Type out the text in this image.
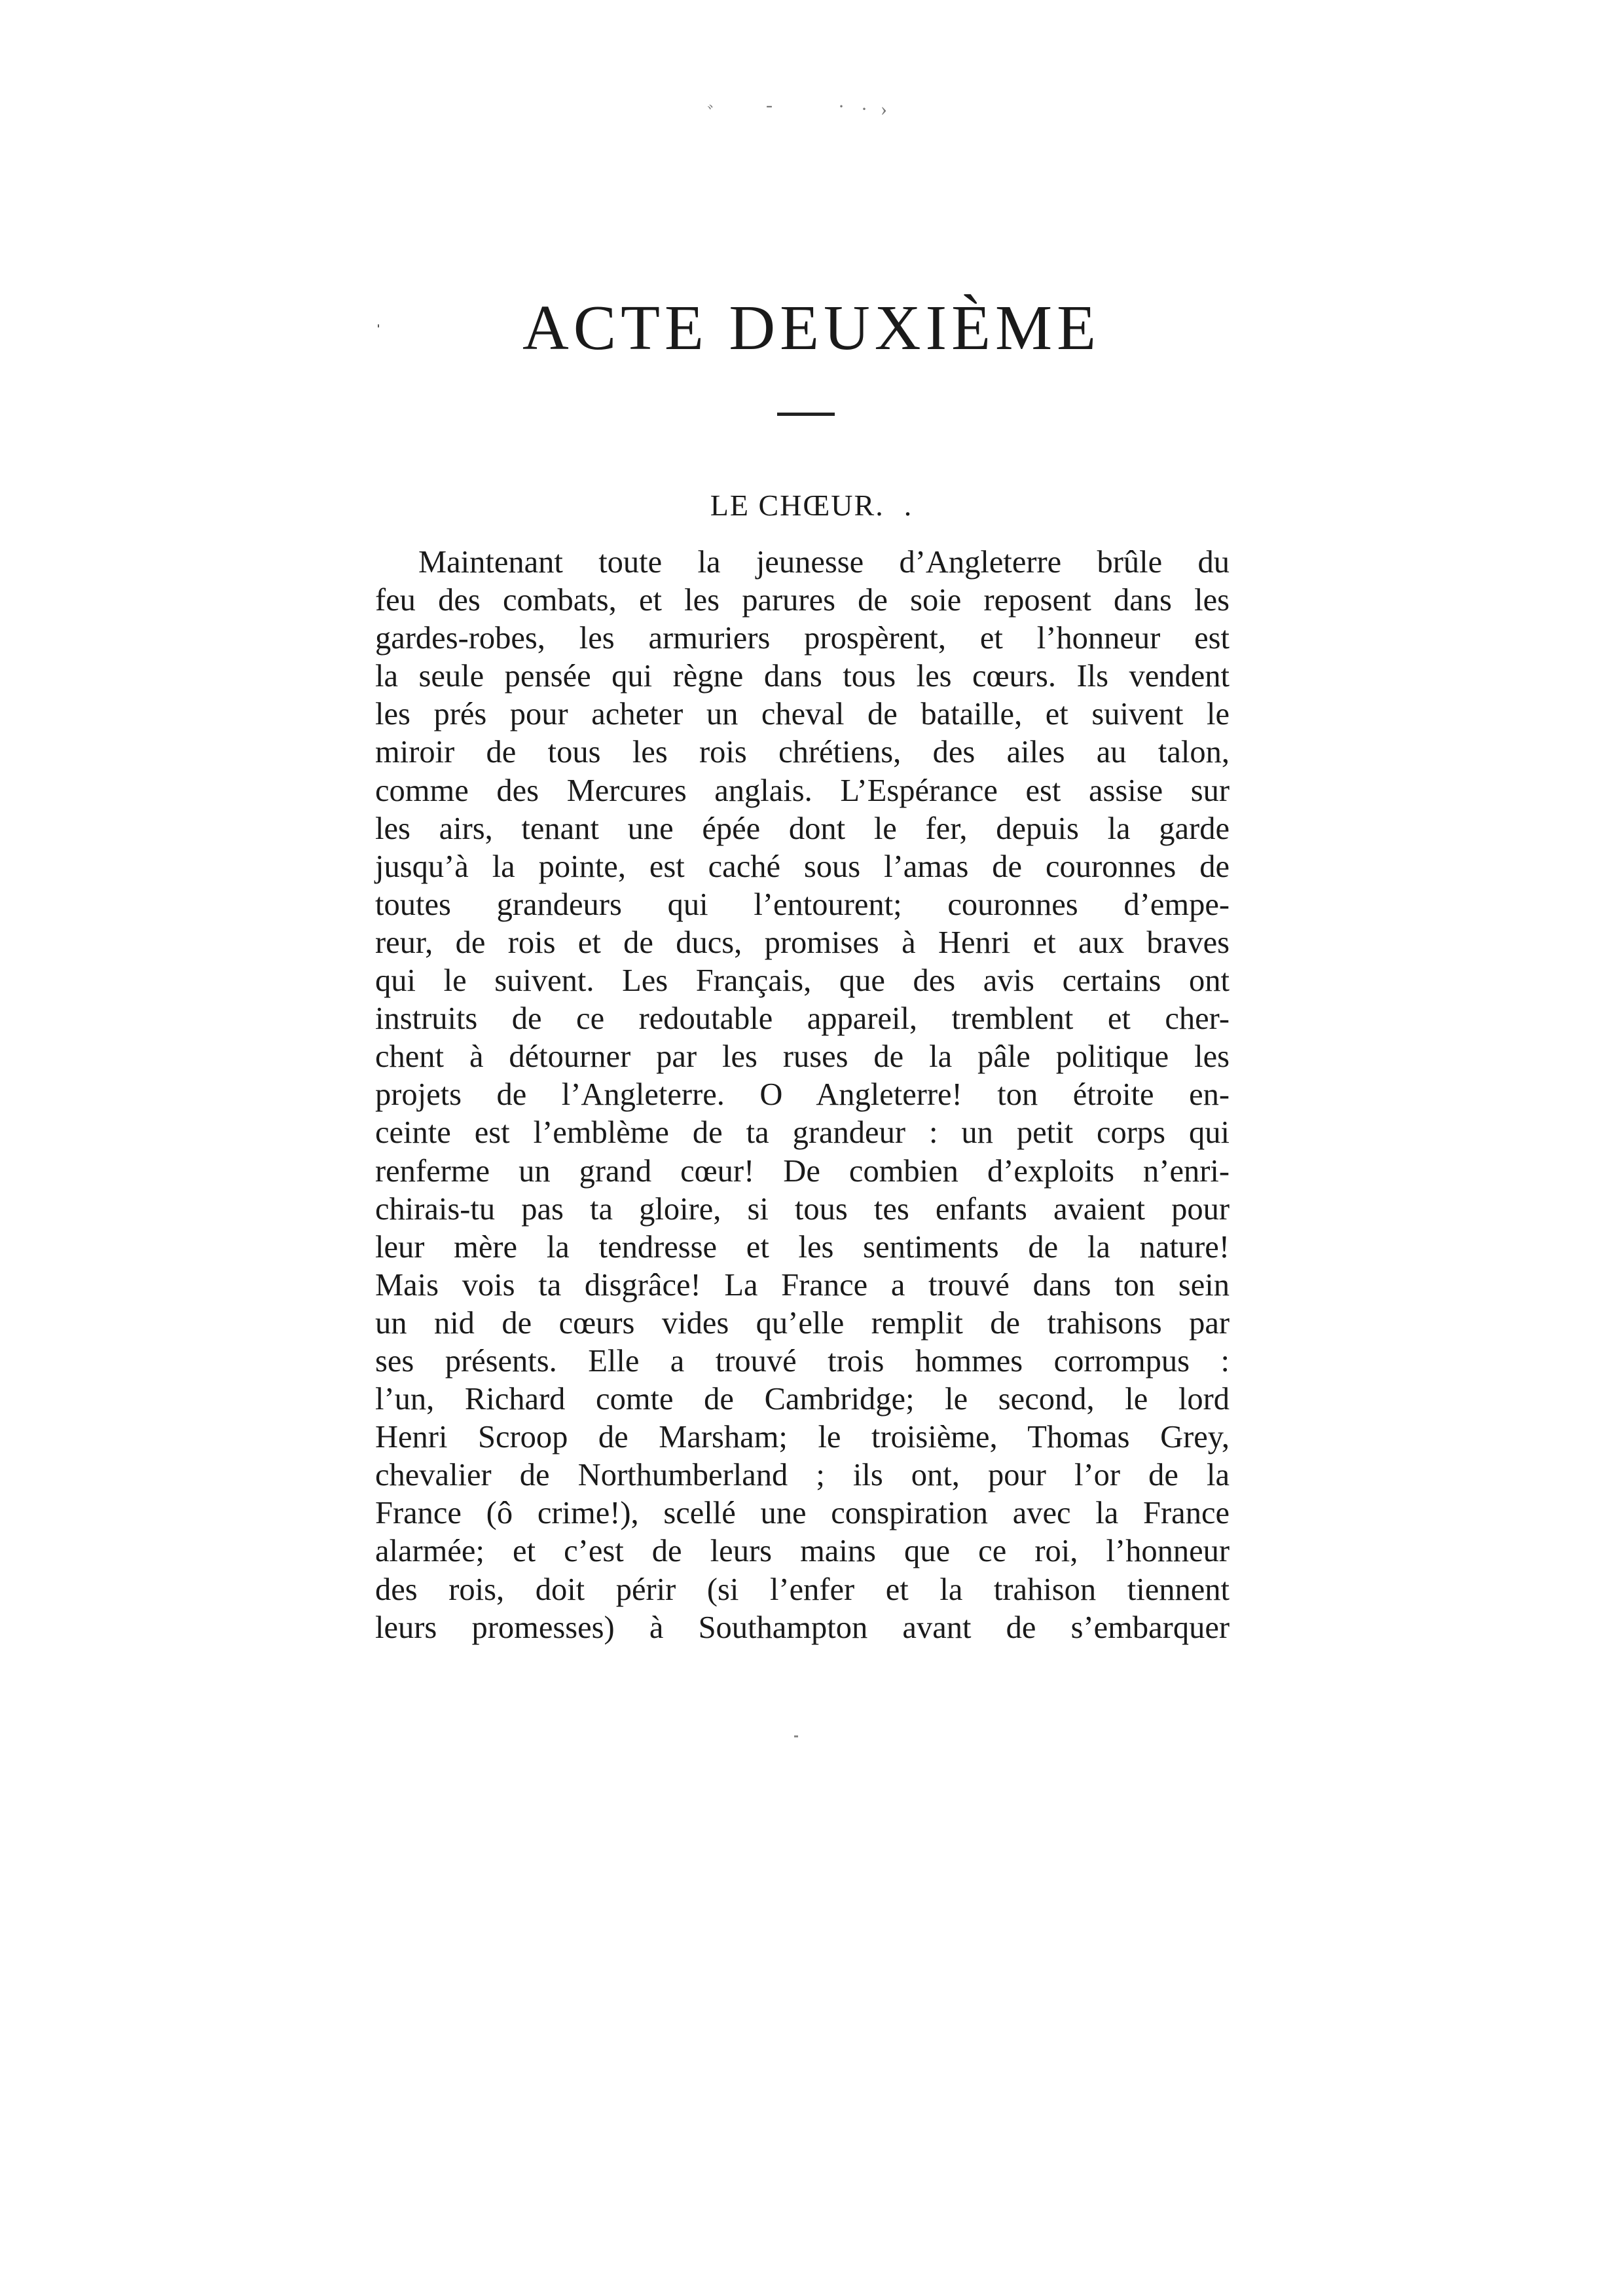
ﾞ - ·
·
›
ˈ	ACTE DEUXIÈME
LE CHŒUR. .
Maintenant toute la jeunesse d’Angleterre brûle du
feu des combats, et les parures de soie reposent dans les
gardes-robes, les armuriers prospèrent, et l’honneur est
la seule pensée qui règne dans tous les cœurs. Ils vendent
les prés pour acheter un cheval de bataille, et suivent le
miroir de tous les rois chrétiens, des ailes au talon,
comme des Mercures anglais. L’Espérance est assise sur
les airs, tenant une épée dont le fer, depuis la garde
jusqu’à la pointe, est caché sous l’amas de couronnes de
toutes grandeurs qui l’entourent; couronnes d’empe-
reur, de rois et de ducs, promises à Henri et aux braves
qui le suivent. Les Français, que des avis certains ont
instruits de ce redoutable appareil, tremblent et cher-
chent à détourner par les ruses de la pâle politique les
projets de l’Angleterre. O Angleterre! ton étroite en-
ceinte est l’emblème de ta grandeur : un petit corps qui
renferme un grand cœur! De combien d’exploits n’enri-
chirais-tu pas ta gloire, si tous tes enfants avaient pour
leur mère la tendresse et les sentiments de la nature!
Mais vois ta disgrâce! La France a trouvé dans ton sein
un nid de cœurs vides qu’elle remplit de trahisons par
ses présents. Elle a trouvé trois hommes corrompus :
l’un, Richard comte de Cambridge; le second, le lord
Henri Scroop de Marsham; le troisième, Thomas Grey,
chevalier de Northumberland ; ils ont, pour l’or de la
France (ô crime!), scellé une conspiration avec la France
alarmée; et c’est de leurs mains que ce roi, l’honneur
des rois, doit périr (si l’enfer et la trahison tiennent
leurs promesses) à Southampton avant de s’embarquer
